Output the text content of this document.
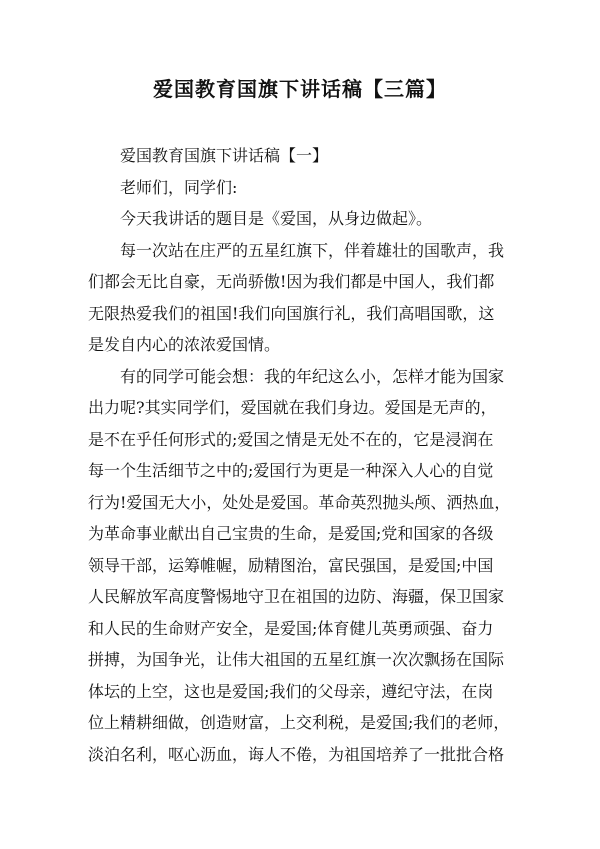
爱国教育国旗下讲话稿【三篇】
爱国教育国旗下讲话稿【一】
老师们，同学们:
今天我讲话的题目是《爱国，从身边做起》。
每一次站在庄严的五星红旗下，伴着雄壮的国歌声，我
们都会无比自豪，无尚骄傲!因为我们都是中国人，我们都
无限热爱我们的祖国!我们向国旗行礼，我们高唱国歌，这
是发自内心的浓浓爱国情。
有的同学可能会想：我的年纪这么小，怎样才能为国家
出力呢?其实同学们，爱国就在我们身边。爱国是无声的，
是不在乎任何形式的;爱国之情是无处不在的，它是浸润在
每一个生活细节之中的;爱国行为更是一种深入人心的自觉
行为!爱国无大小，处处是爱国。革命英烈抛头颅、洒热血，
为革命事业献出自己宝贵的生命，是爱国;党和国家的各级
领导干部，运筹帷幄，励精图治，富民强国，是爱国;中国
人民解放军高度警惕地守卫在祖国的边防、海疆，保卫国家
和人民的生命财产安全，是爱国;体育健儿英勇顽强、奋力
拼搏，为国争光，让伟大祖国的五星红旗一次次飘扬在国际
体坛的上空，这也是爱国;我们的父母亲，遵纪守法，在岗
位上精耕细做，创造财富，上交利税，是爱国;我们的老师，
淡泊名利，呕心沥血，诲人不倦，为祖国培养了一批批合格
